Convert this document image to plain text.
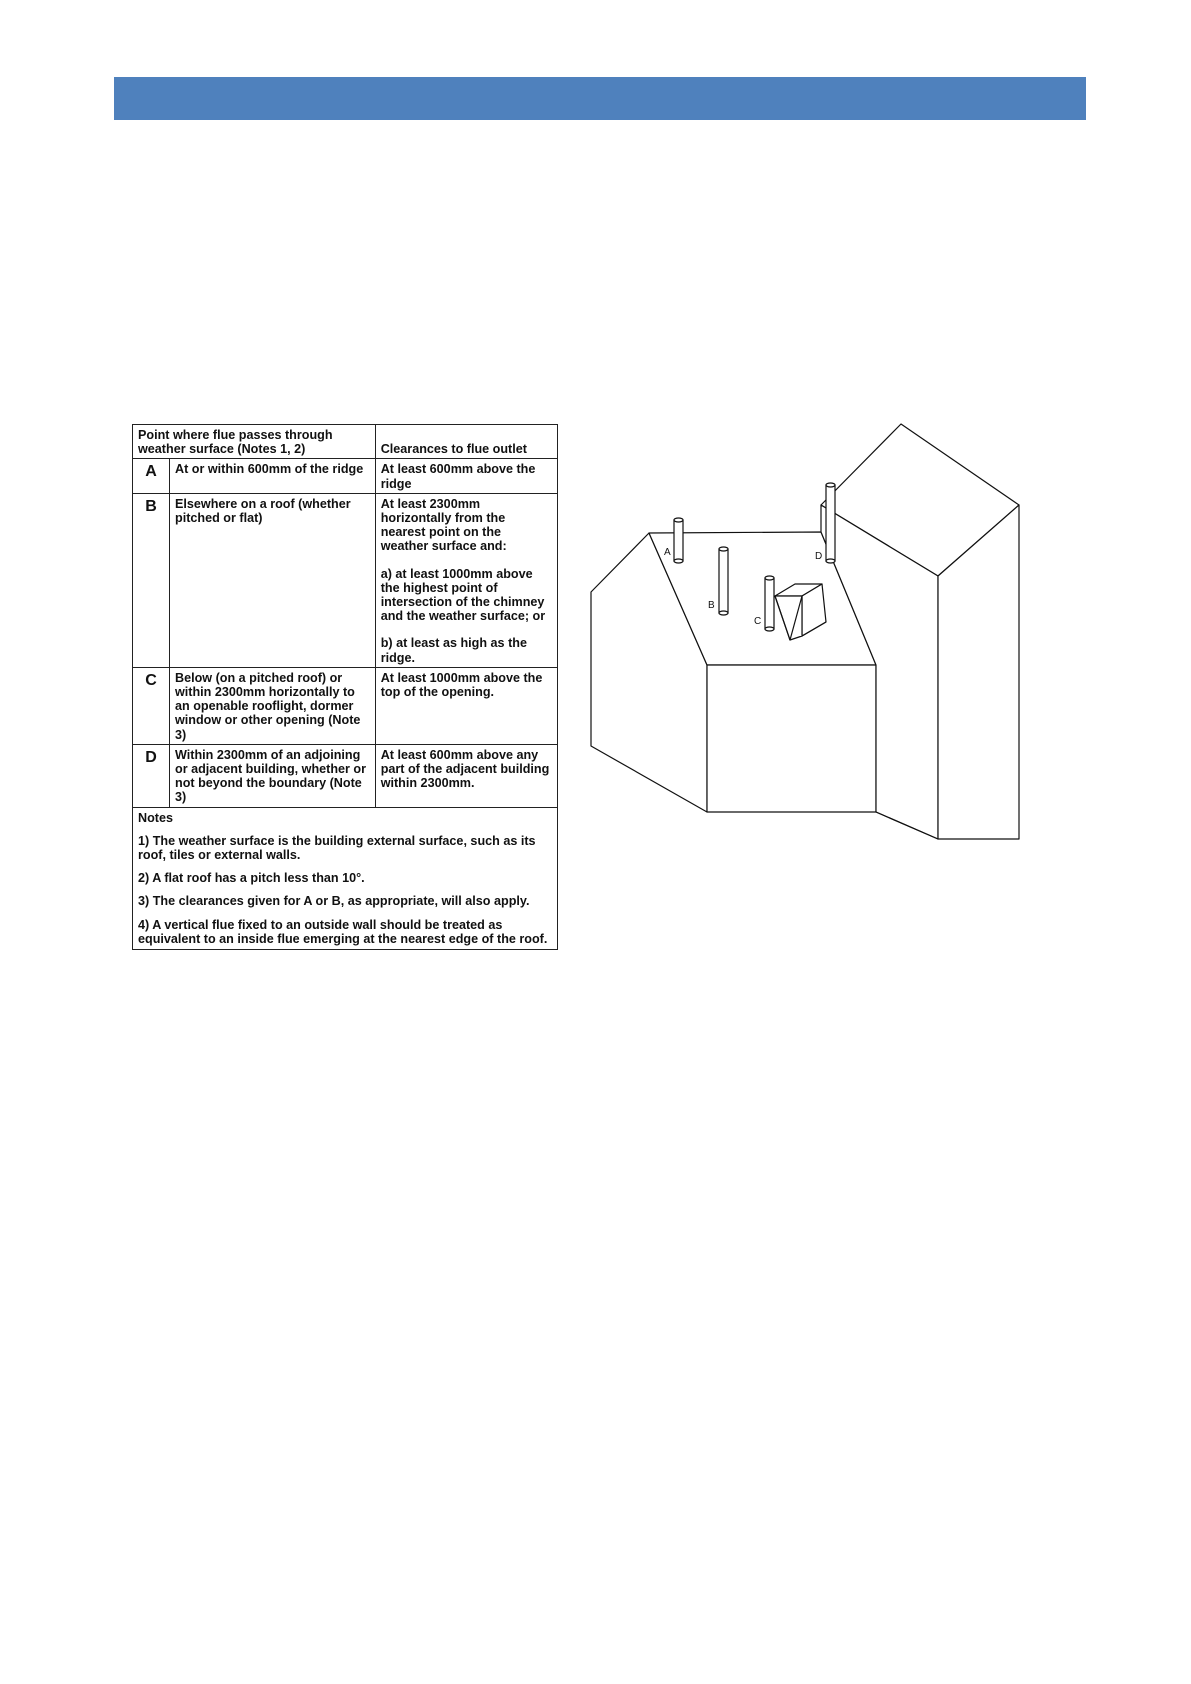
Point where flue passes through weather surface (Notes 1, 2)		Clearances to flue outlet
A	At or within 600mm of the ridge	At least 600mm above the ridge

B	Elsewhere on a roof (whether pitched or flat)	At least 2300mm horizontally from the nearest point on the weather surface and:

a) at least 1000mm above the highest point of intersection of the chimney and the weather surface; or

b) at least as high as the ridge.

C	Below (on a pitched roof) or within 2300mm horizontally to an openable rooflight, dormer window or other opening (Note 3)	At least 1000mm above the top of the opening.

D	Within 2300mm of an adjoining or adjacent building, whether or not beyond the boundary (Note 3)	At least 600mm above any part of the adjacent building within 2300mm.

Notes

1) The weather surface is the building external surface, such as its roof, tiles or external walls.

2) A flat roof has a pitch less than 10°.

3) The clearances given for A or B, as appropriate, will also apply.

4) A vertical flue fixed to an outside wall should be treated as equivalent to an inside flue emerging at the nearest edge of the roof.		

A
B
C
D
